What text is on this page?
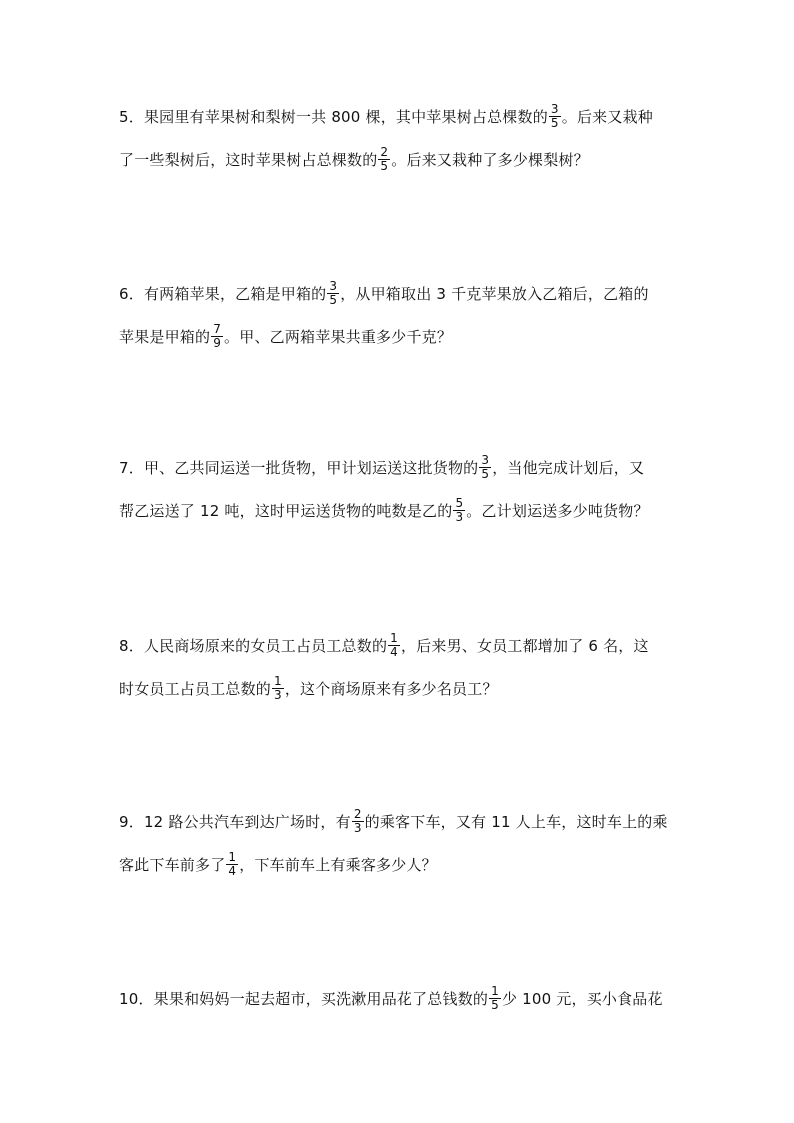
5．果园里有苹果树和梨树一共 800 棵，其中苹果树占总棵数的 $\frac{3}{5}$ 。后来又栽种
了一些梨树后，这时苹果树占总棵数的 $\frac{2}{5}$ 。后来又栽种了多少棵梨树？
6．有两箱苹果，乙箱是甲箱的 $\frac{3}{5}$ ，从甲箱取出 3 千克苹果放入乙箱后，乙箱的
苹果是甲箱的 $\frac{7}{9}$ 。甲、乙两箱苹果共重多少千克？
7．甲、乙共同运送一批货物，甲计划运送这批货物的 $\frac{3}{5}$ ，当他完成计划后，又
帮乙运送了 12 吨，这时甲运送货物的吨数是乙的 $\frac{5}{3}$ 。乙计划运送多少吨货物？
8．人民商场原来的女员工占员工总数的 $\frac{1}{4}$ ，后来男、女员工都增加了 6 名，这
时女员工占员工总数的 $\frac{1}{3}$ ，这个商场原来有多少名员工？
9．12 路公共汽车到达广场时，有 $\frac{2}{3}$ 的乘客下车，又有 11 人上车，这时车上的乘
客此下车前多了 $\frac{1}{4}$ ，下车前车上有乘客多少人？
10．果果和妈妈一起去超市，买洗漱用品花了总钱数的 $\frac{1}{5}$ 少 100 元，买小食品花
